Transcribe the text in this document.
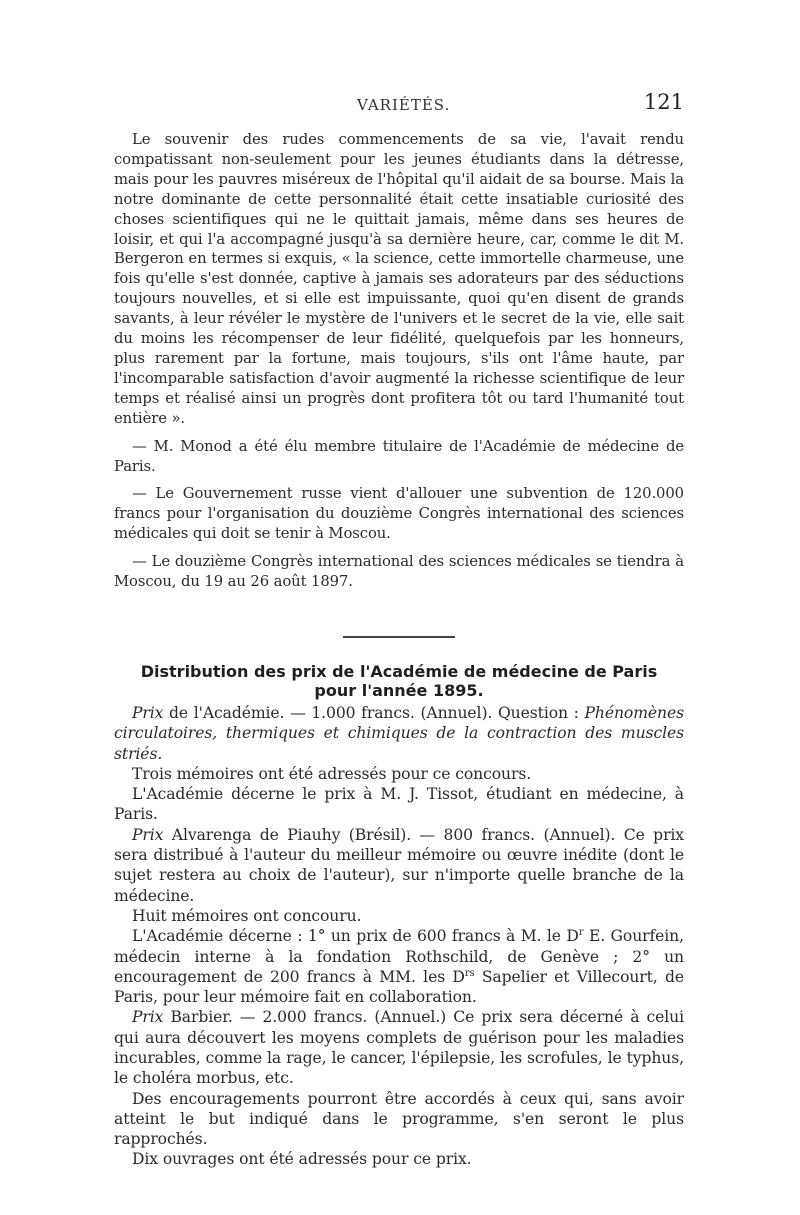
VARIÉTÉS.	121

Le souvenir des rudes commencements de sa vie, l'avait rendu compatissant non-seulement pour les jeunes étudiants dans la détresse, mais pour les pauvres miséreux de l'hôpital qu'il aidait de sa bourse. Mais la notre dominante de cette personnalité était cette insatiable curiosité des choses scientifiques qui ne le quittait jamais, même dans ses heures de loisir, et qui l'a accompagné jusqu'à sa dernière heure, car, comme le dit M. Bergeron en termes si exquis, « la science, cette immortelle charmeuse, une fois qu'elle s'est donnée, captive à jamais ses adorateurs par des séductions toujours nouvelles, et si elle est impuissante, quoi qu'en disent de grands savants, à leur révéler le mystère de l'univers et le secret de la vie, elle sait du moins les récompenser de leur fidélité, quelquefois par les honneurs, plus rarement par la fortune, mais toujours, s'ils ont l'âme haute, par l'incomparable satisfaction d'avoir augmenté la richesse scientifique de leur temps et réalisé ainsi un progrès dont profitera tôt ou tard l'humanité tout entière ».

— M. Monod a été élu membre titulaire de l'Académie de médecine de Paris.

— Le Gouvernement russe vient d'allouer une subvention de 120.000 francs pour l'organisation du douzième Congrès international des sciences médicales qui doit se tenir à Moscou.

— Le douzième Congrès international des sciences médicales se tiendra à Moscou, du 19 au 26 août 1897.

Distribution des prix de l'Académie de médecine de Paris
pour l'année 1895.

Prix de l'Académie. — 1.000 francs. (Annuel). Question : Phénomènes circulatoires, thermiques et chimiques de la contraction des muscles striés.

Trois mémoires ont été adressés pour ce concours.

L'Académie décerne le prix à M. J. Tissot, étudiant en médecine, à Paris.

Prix Alvarenga de Piauhy (Brésil). — 800 francs. (Annuel). Ce prix sera distribué à l'auteur du meilleur mémoire ou œuvre inédite (dont le sujet restera au choix de l'auteur), sur n'importe quelle branche de la médecine.

Huit mémoires ont concouru.

L'Académie décerne : 1° un prix de 600 francs à M. le $D^r$ E. Gourfein, médecin interne à la fondation Rothschild, de Genève ; 2° un encouragement de 200 francs à MM. les $D^{rs}$ Sapelier et Villecourt, de Paris, pour leur mémoire fait en collaboration.

Prix Barbier. — 2.000 francs. (Annuel.) Ce prix sera décerné à celui qui aura découvert les moyens complets de guérison pour les maladies incurables, comme la rage, le cancer, l'épilepsie, les scrofules, le typhus, le choléra morbus, etc.

Des encouragements pourront être accordés à ceux qui, sans avoir atteint le but indiqué dans le programme, s'en seront le plus rapprochés.

Dix ouvrages ont été adressés pour ce prix.
